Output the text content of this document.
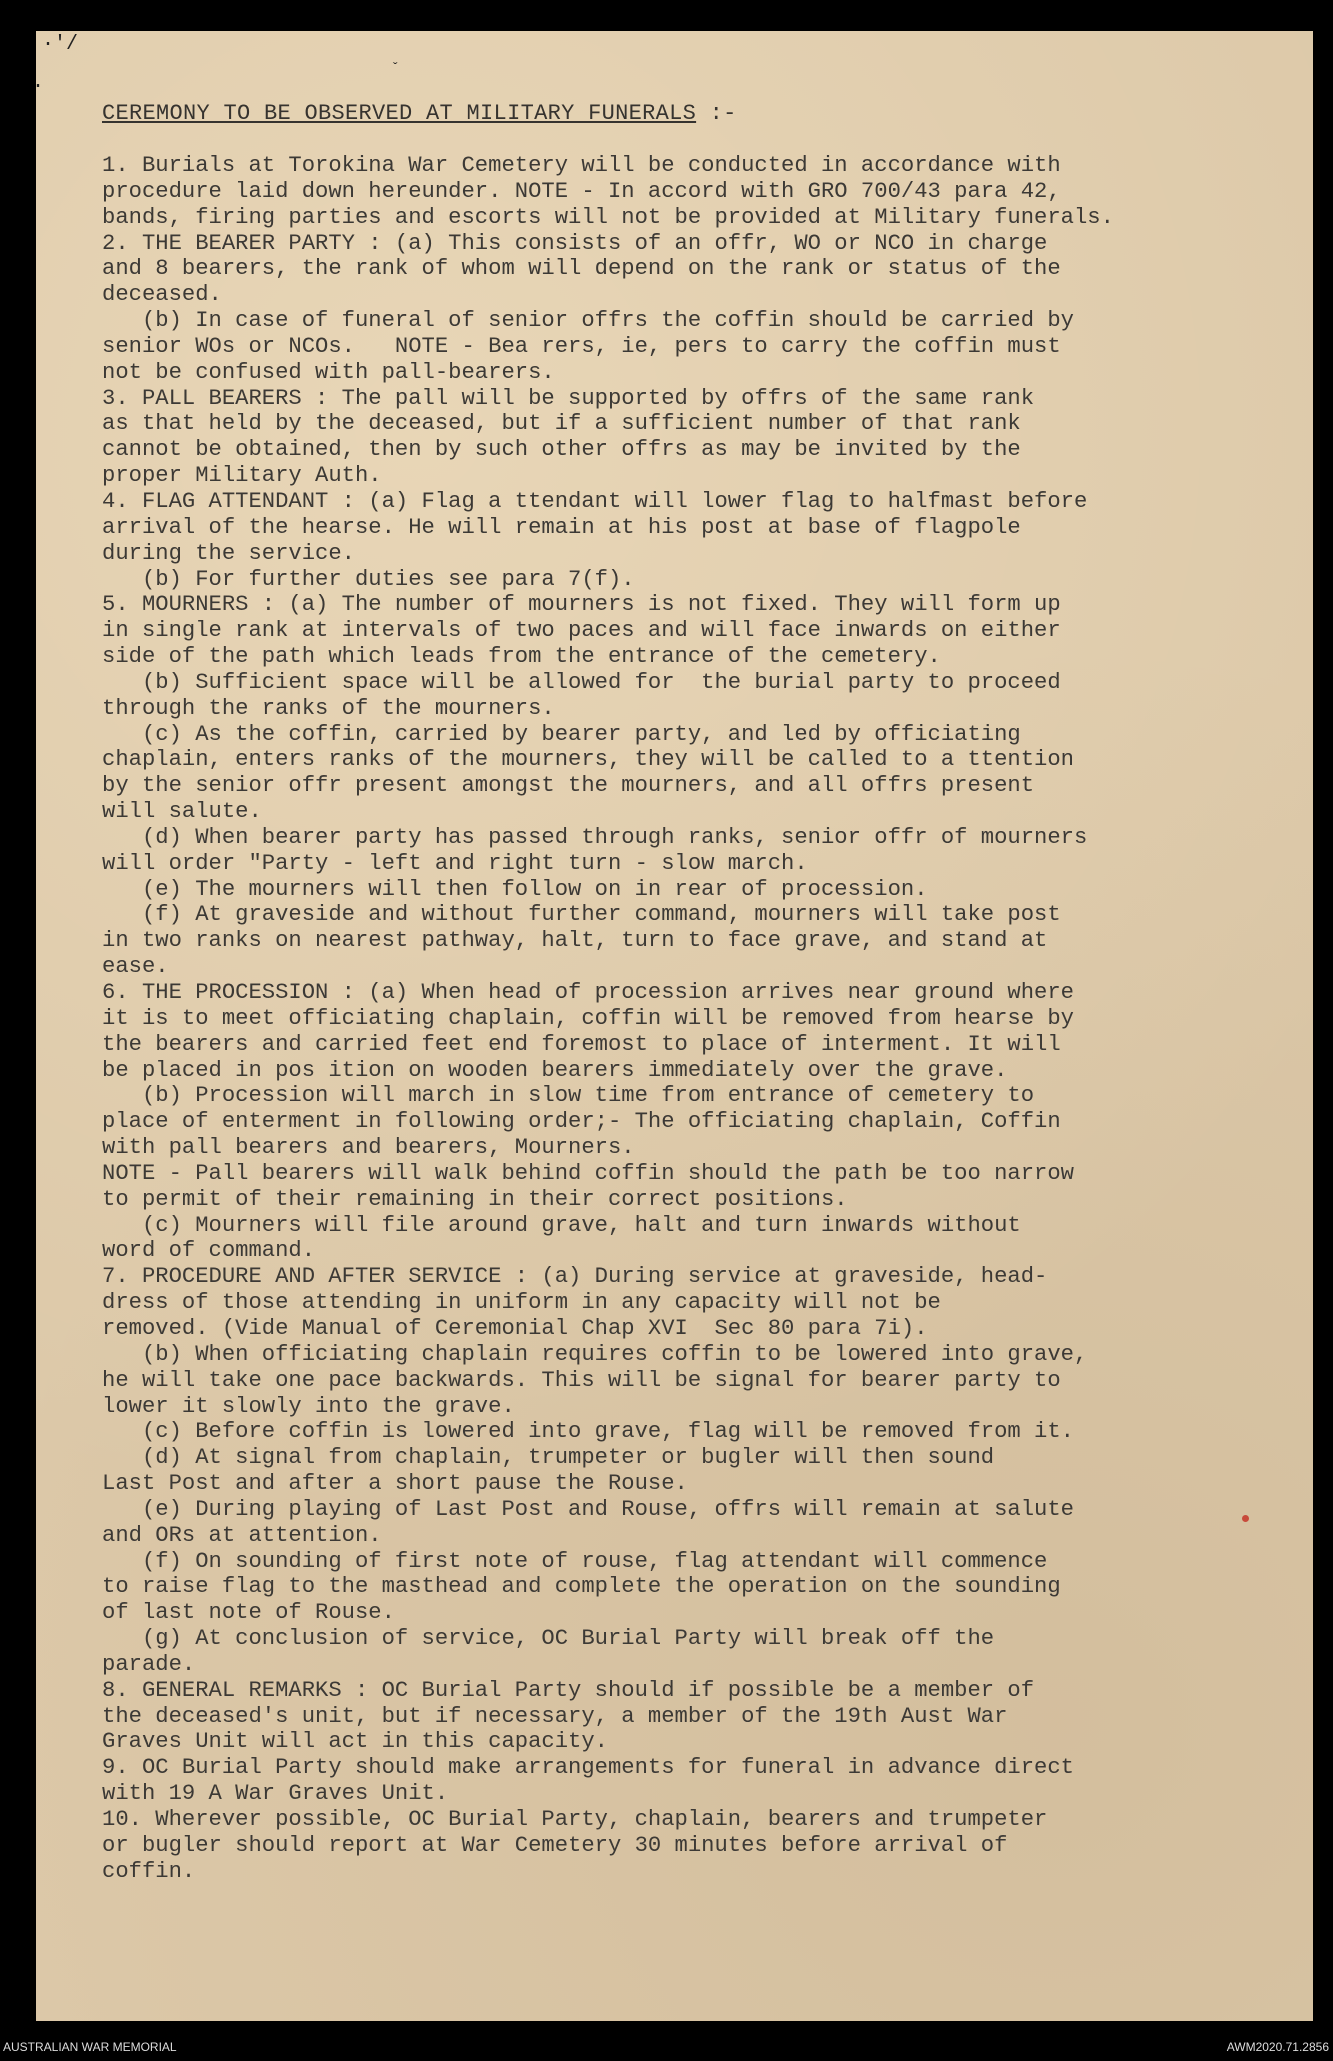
·'/
·
ˇ
CEREMONY TO BE OBSERVED AT MILITARY FUNERALS :-
1. Burials at Torokina War Cemetery will be conducted in accordance with
procedure laid down hereunder. NOTE - In accord with GRO 700/43 para 42,
bands, firing parties and escorts will not be provided at Military funerals.
2. THE BEARER PARTY : (a) This consists of an offr, WO or NCO in charge
and 8 bearers, the rank of whom will depend on the rank or status of the
deceased.
(b) In case of funeral of senior offrs the coffin should be carried by
senior WOs or NCOs.   NOTE - Bea rers, ie, pers to carry the coffin must
not be confused with pall-bearers.
3. PALL BEARERS : The pall will be supported by offrs of the same rank
as that held by the deceased, but if a sufficient number of that rank
cannot be obtained, then by such other offrs as may be invited by the
proper Military Auth.
4. FLAG ATTENDANT : (a) Flag a ttendant will lower flag to halfmast before
arrival of the hearse. He will remain at his post at base of flagpole
during the service.
(b) For further duties see para 7(f).
5. MOURNERS : (a) The number of mourners is not fixed. They will form up
in single rank at intervals of two paces and will face inwards on either
side of the path which leads from the entrance of the cemetery.
(b) Sufficient space will be allowed for  the burial party to proceed
through the ranks of the mourners.
(c) As the coffin, carried by bearer party, and led by officiating
chaplain, enters ranks of the mourners, they will be called to a ttention
by the senior offr present amongst the mourners, and all offrs present
will salute.
(d) When bearer party has passed through ranks, senior offr of mourners
will order "Party - left and right turn - slow march.
(e) The mourners will then follow on in rear of procession.
(f) At graveside and without further command, mourners will take post
in two ranks on nearest pathway, halt, turn to face grave, and stand at
ease.
6. THE PROCESSION : (a) When head of procession arrives near ground where
it is to meet officiating chaplain, coffin will be removed from hearse by
the bearers and carried feet end foremost to place of interment. It will
be placed in pos ition on wooden bearers immediately over the grave.
(b) Procession will march in slow time from entrance of cemetery to
place of enterment in following order;- The officiating chaplain, Coffin
with pall bearers and bearers, Mourners.
NOTE - Pall bearers will walk behind coffin should the path be too narrow
to permit of their remaining in their correct positions.
(c) Mourners will file around grave, halt and turn inwards without
word of command.
7. PROCEDURE AND AFTER SERVICE : (a) During service at graveside, head-
dress of those attending in uniform in any capacity will not be
removed. (Vide Manual of Ceremonial Chap XVI  Sec 80 para 7i).
(b) When officiating chaplain requires coffin to be lowered into grave,
he will take one pace backwards. This will be signal for bearer party to
lower it slowly into the grave.
(c) Before coffin is lowered into grave, flag will be removed from it.
(d) At signal from chaplain, trumpeter or bugler will then sound
Last Post and after a short pause the Rouse.
(e) During playing of Last Post and Rouse, offrs will remain at salute
and ORs at attention.
(f) On sounding of first note of rouse, flag attendant will commence
to raise flag to the masthead and complete the operation on the sounding
of last note of Rouse.
(g) At conclusion of service, OC Burial Party will break off the
parade.
8. GENERAL REMARKS : OC Burial Party should if possible be a member of
the deceased's unit, but if necessary, a member of the 19th Aust War
Graves Unit will act in this capacity.
9. OC Burial Party should make arrangements for funeral in advance direct
with 19 A War Graves Unit.
10. Wherever possible, OC Burial Party, chaplain, bearers and trumpeter
or bugler should report at War Cemetery 30 minutes before arrival of
coffin.
AUSTRALIAN WAR MEMORIAL	AWM2020.71.2856
